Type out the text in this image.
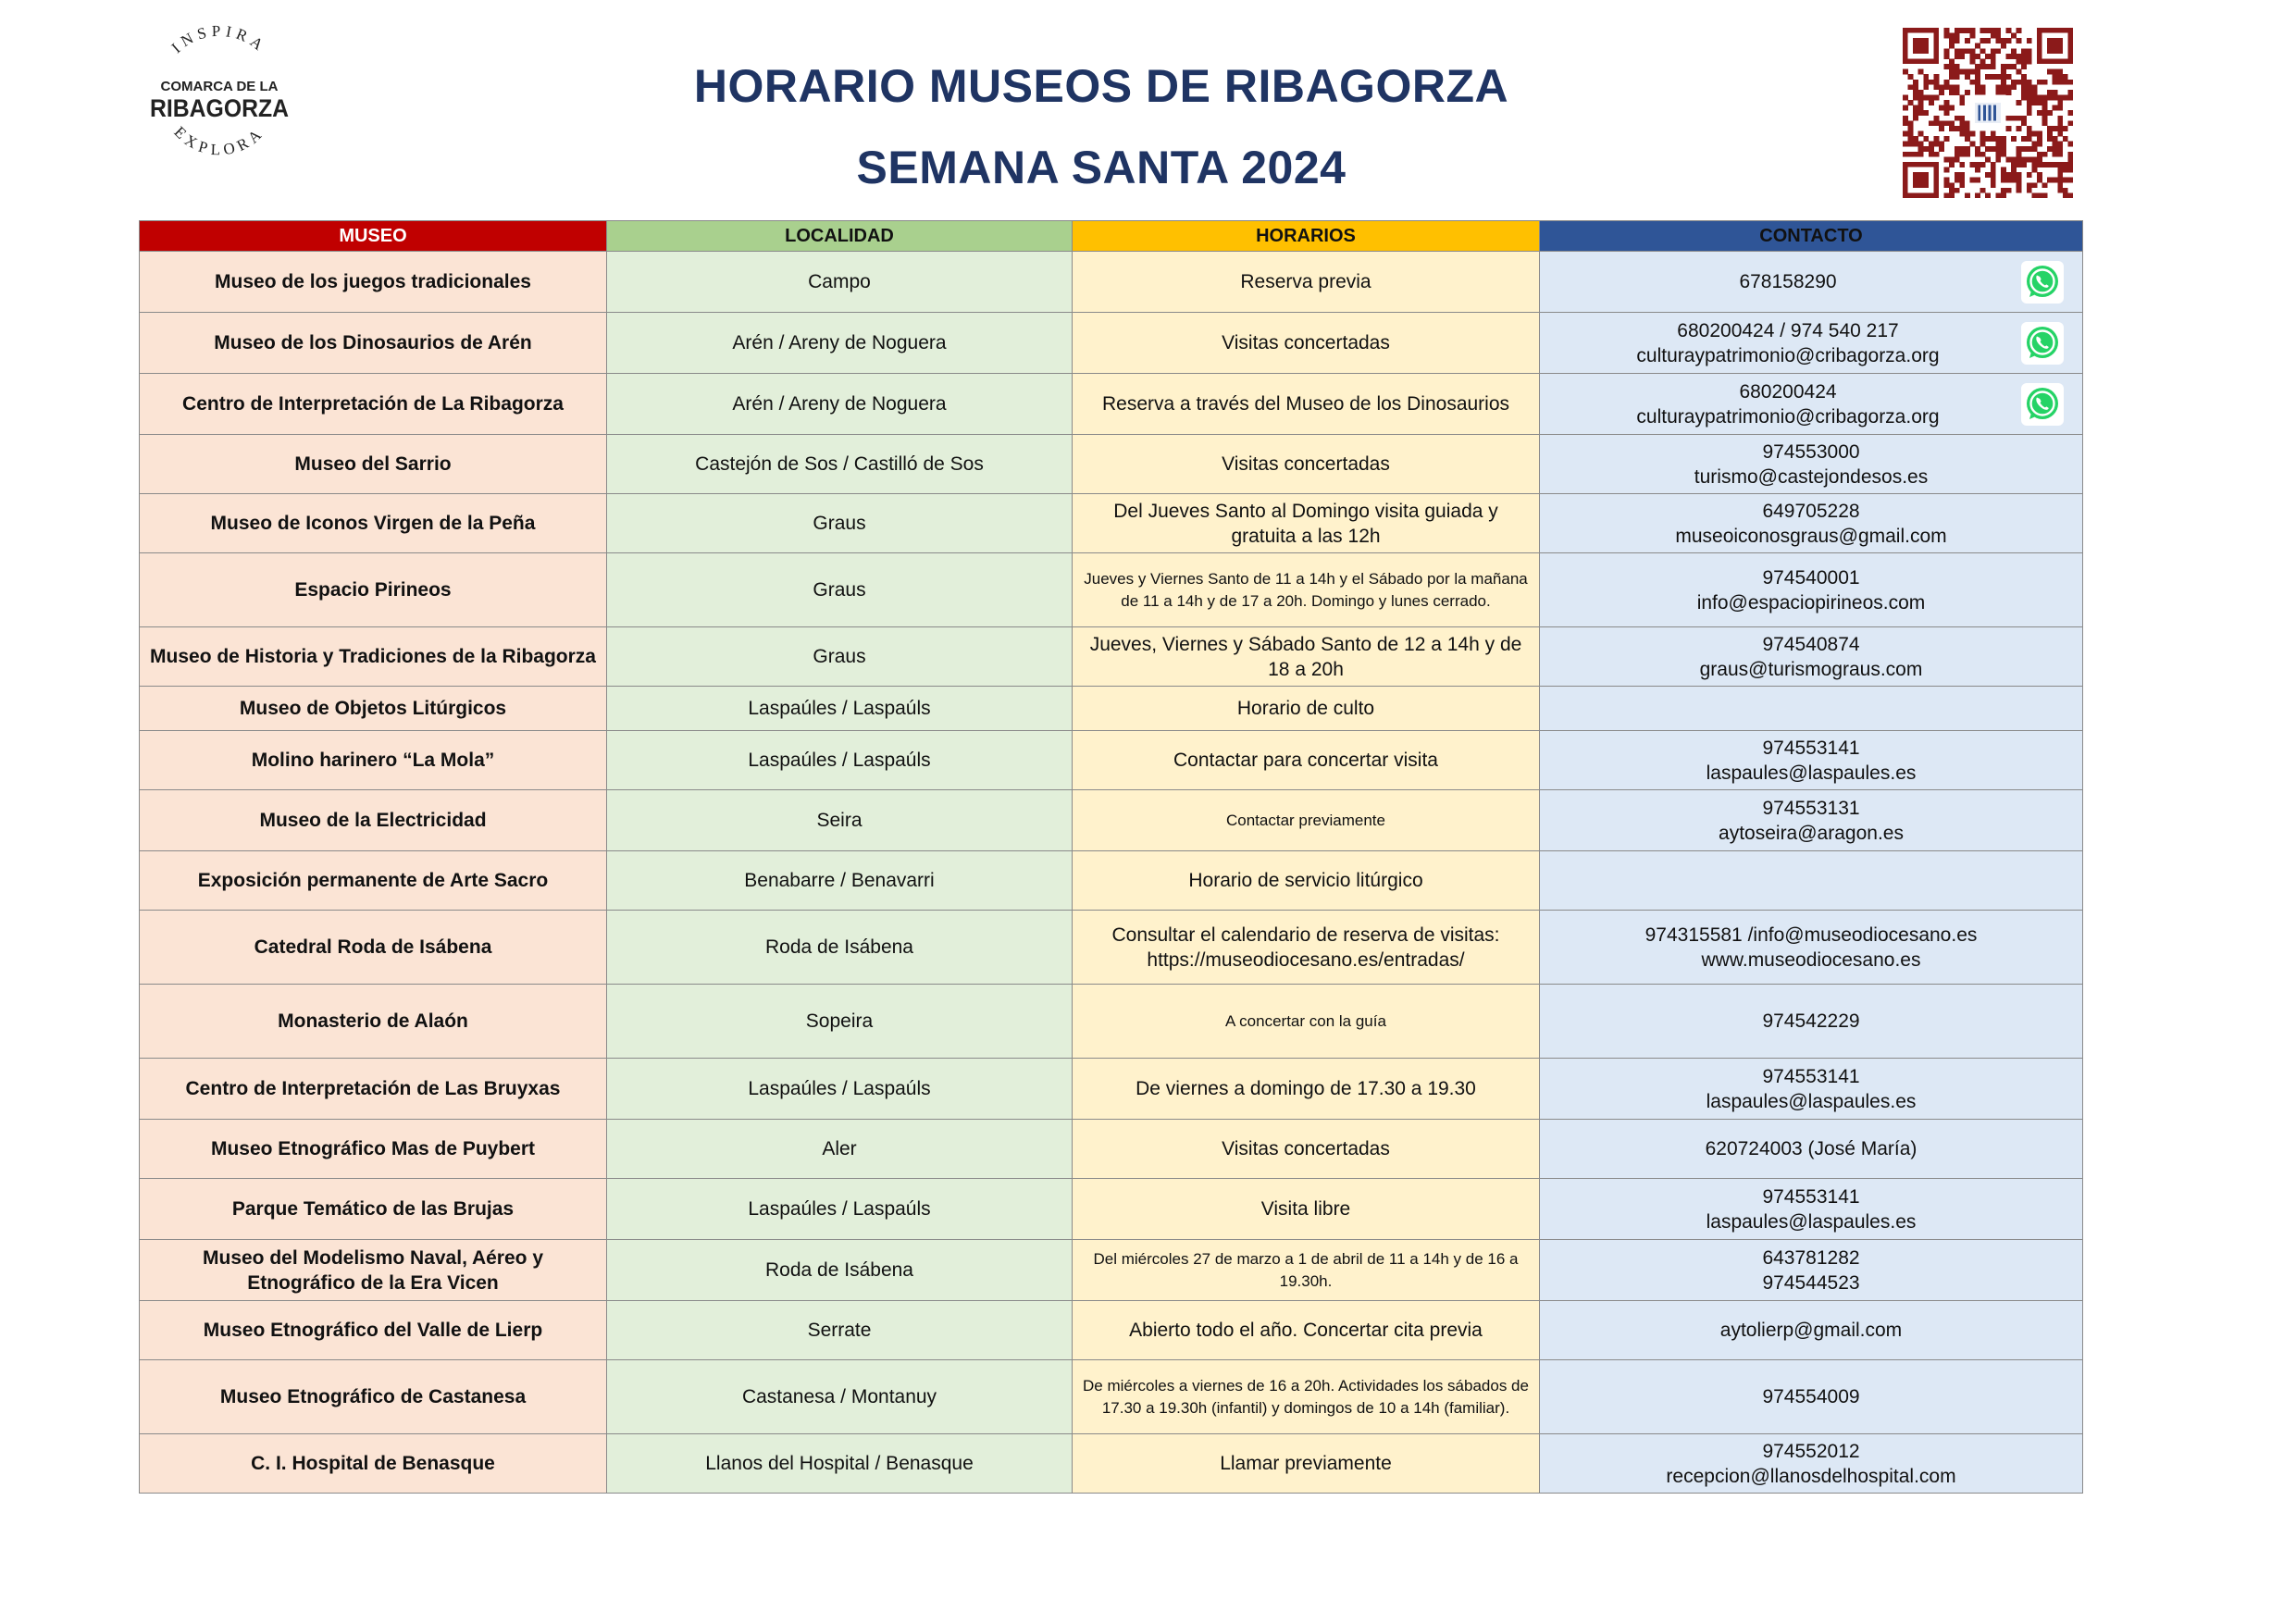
INSPIRA
EXPLORA
COMARCA DE LA
RIBAGORZA	HORARIO MUSEOS DE RIBAGORZA
SEMANA SANTA 2024
MUSEO	LOCALIDAD	HORARIOS	CONTACTO
Museo de los juegos tradicionales	Campo	Reserva previa	678158290

Museo de los Dinosaurios de Arén	Arén / Areny de Noguera	Visitas concertadas	680200424 / 974 540 217
culturaypatrimonio@cribagorza.org

Centro de Interpretación de La Ribagorza	Arén / Areny de Noguera	Reserva a través del Museo de los Dinosaurios	680200424
culturaypatrimonio@cribagorza.org

Museo del Sarrio	Castejón de Sos / Castilló de Sos	Visitas concertadas	974553000
turismo@castejondesos.es

Museo de Iconos Virgen de la Peña	Graus	Del Jueves Santo al Domingo visita guiada y gratuita a las 12h	649705228
museoiconosgraus@gmail.com

Espacio Pirineos	Graus	Jueves y Viernes Santo de 11 a 14h y el Sábado por la mañana de 11 a 14h y de 17 a 20h. Domingo y lunes cerrado.	974540001
info@espaciopirineos.com

Museo de Historia y Tradiciones de la Ribagorza	Graus	Jueves, Viernes y Sábado Santo de 12 a 14h y de 18 a 20h	974540874
graus@turismograus.com

Museo de Objetos Litúrgicos	Laspaúles / Laspaúls	Horario de culto	
Molino harinero “La Mola”	Laspaúles / Laspaúls	Contactar para concertar visita	974553141
laspaules@laspaules.es

Museo de la Electricidad	Seira	Contactar previamente	974553131
aytoseira@aragon.es

Exposición permanente de Arte Sacro	Benabarre / Benavarri	Horario de servicio litúrgico	
Catedral Roda de Isábena	Roda de Isábena	Consultar el calendario de reserva de visitas: https://museodiocesano.es/entradas/	974315581 /info@museodiocesano.es
www.museodiocesano.es

Monasterio de Alaón	Sopeira	A concertar con la guía	974542229

Centro de Interpretación de Las Bruyxas	Laspaúles / Laspaúls	De viernes a domingo de 17.30 a 19.30	974553141
laspaules@laspaules.es

Museo Etnográfico Mas de Puybert	Aler	Visitas concertadas	620724003 (José María)

Parque Temático de las Brujas	Laspaúles / Laspaúls	Visita libre	974553141
laspaules@laspaules.es

Museo del Modelismo Naval, Aéreo y Etnográfico de la Era Vicen	Roda de Isábena	Del miércoles 27 de marzo a 1 de abril de 11 a 14h y de 16 a 19.30h.	643781282
974544523

Museo Etnográfico del Valle de Lierp	Serrate	Abierto todo el año. Concertar cita previa	aytolierp@gmail.com

Museo Etnográfico de Castanesa	Castanesa / Montanuy	De miércoles a viernes de 16 a 20h. Actividades los sábados de 17.30 a 19.30h (infantil) y domingos de 10 a 14h (familiar).	974554009

C. I. Hospital de Benasque	Llanos del Hospital / Benasque	Llamar previamente	974552012
recepcion@llanosdelhospital.com
